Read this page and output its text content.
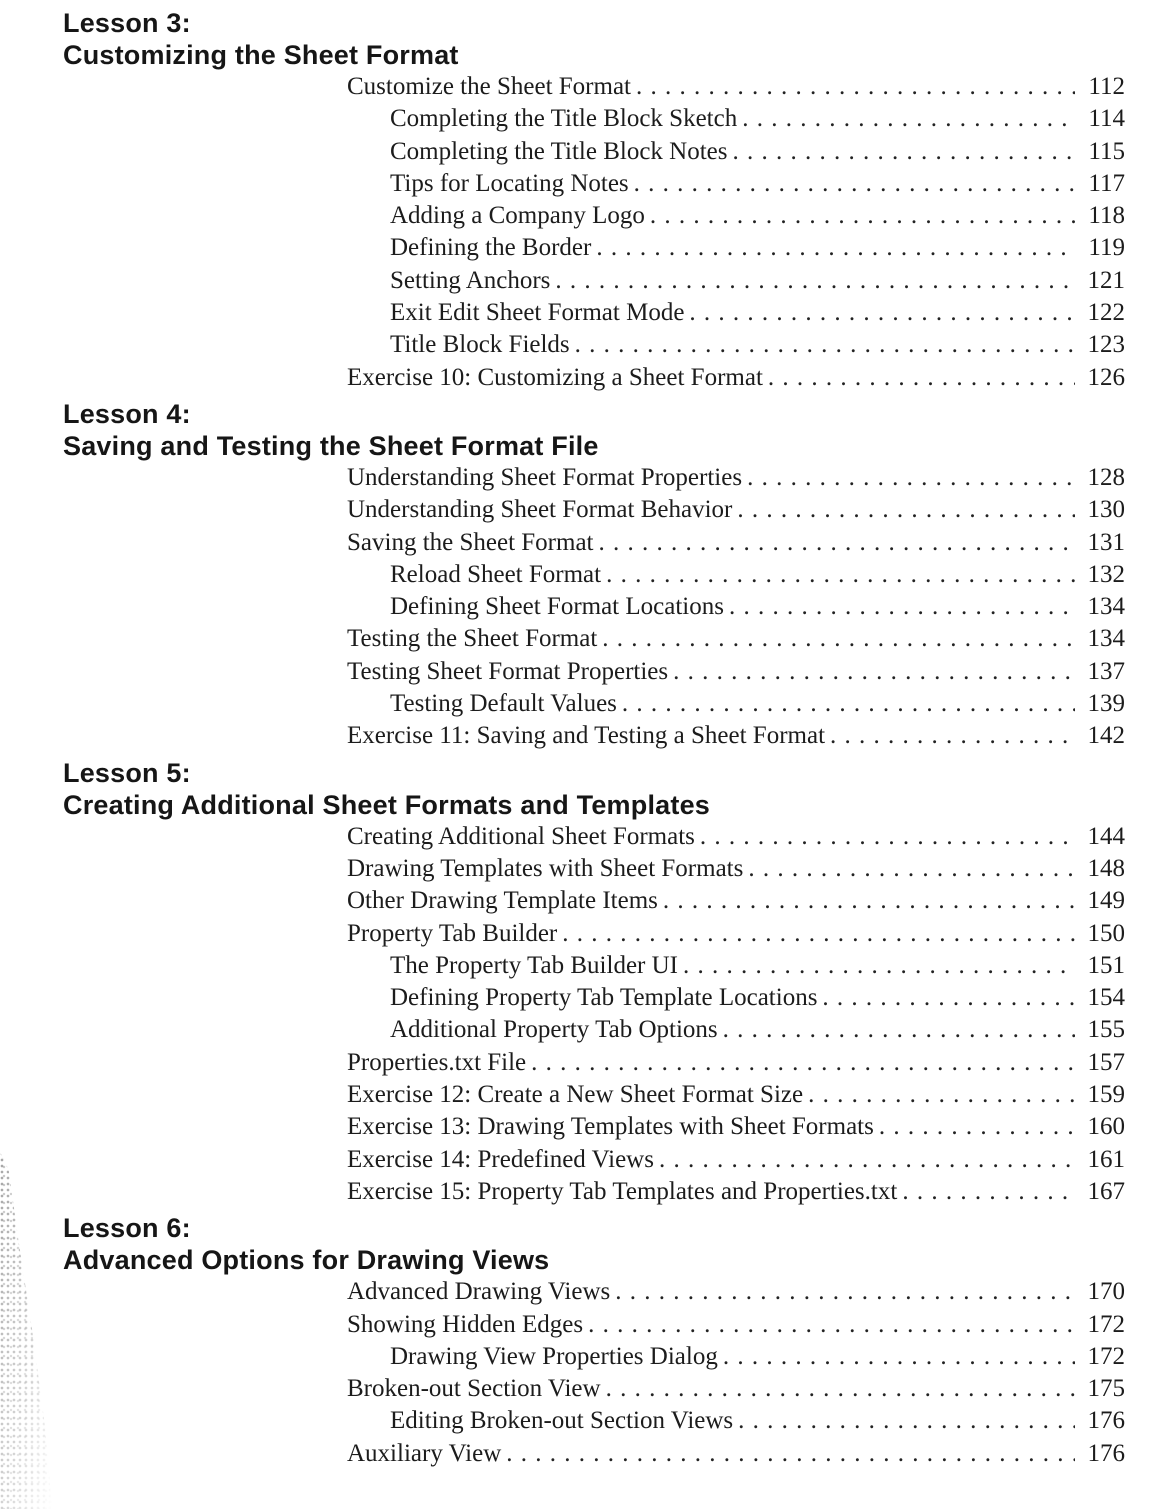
Lesson 3:
Customizing the Sheet Format
Customize the Sheet Format . . .	112
Completing the Title Block Sketch . . .	114
Completing the Title Block Notes . . .	115
Tips for Locating Notes . . .	117
Adding a Company Logo . . .	118
Defining the Border . . .	119
Setting Anchors . . .	121
Exit Edit Sheet Format Mode . . .	122
Title Block Fields . . .	123
Exercise 10: Customizing a Sheet Format . . .	126
Lesson 4:
Saving and Testing the Sheet Format File
Understanding Sheet Format Properties . . .	128
Understanding Sheet Format Behavior . . .	130
Saving the Sheet Format . . .	131
Reload Sheet Format . . .	132
Defining Sheet Format Locations . . .	134
Testing the Sheet Format . . .	134
Testing Sheet Format Properties . . .	137
Testing Default Values . . .	139
Exercise 11: Saving and Testing a Sheet Format . . .	142
Lesson 5:
Creating Additional Sheet Formats and Templates
Creating Additional Sheet Formats . . .	144
Drawing Templates with Sheet Formats . . .	148
Other Drawing Template Items . . .	149
Property Tab Builder . . .	150
The Property Tab Builder UI . . .	151
Defining Property Tab Template Locations . . .	154
Additional Property Tab Options . . .	155
Properties.txt File . . .	157
Exercise 12: Create a New Sheet Format Size . . .	159
Exercise 13: Drawing Templates with Sheet Formats . . .	160
Exercise 14: Predefined Views . . .	161
Exercise 15: Property Tab Templates and Properties.txt . . .	167
Lesson 6:
Advanced Options for Drawing Views
Advanced Drawing Views . . .	170
Showing Hidden Edges . . .	172
Drawing View Properties Dialog . . .	172
Broken-out Section View . . .	175
Editing Broken-out Section Views . . .	176
Auxiliary View . . .	176
